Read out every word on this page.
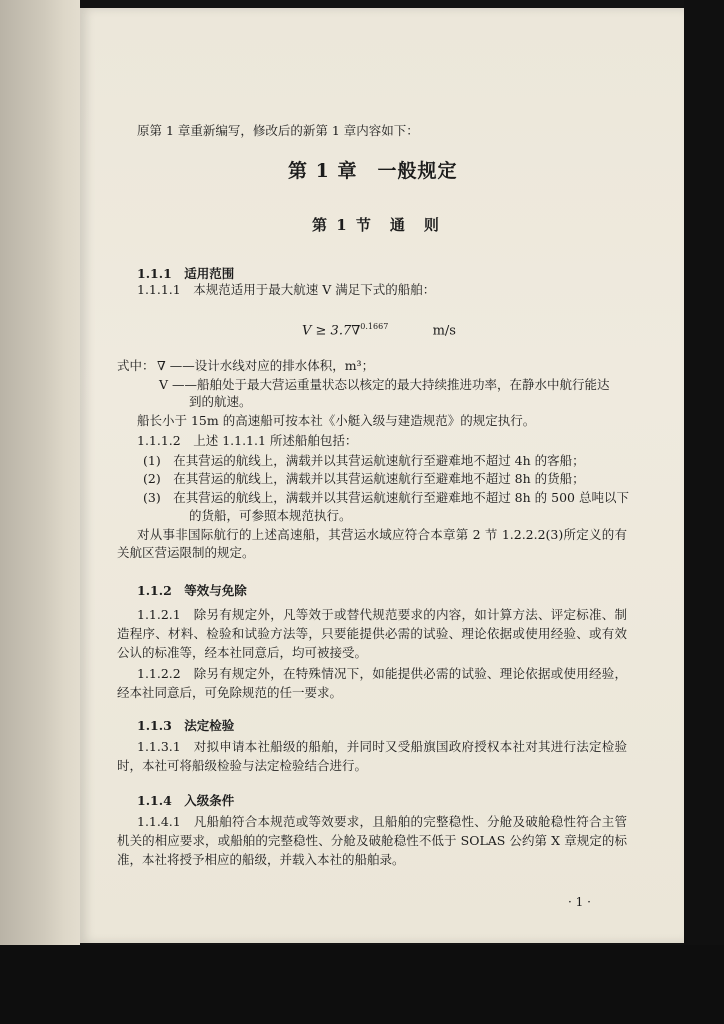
原第 1 章重新编写，修改后的新第 1 章内容如下：
第 1 章　一般规定
第 1 节　通　则
1.1.1　适用范围
1.1.1.1　本规范适用于最大航速 V 满足下式的船舶：
V ≥ 3.7∇$^{0.1667}$	m/s
式中： ∇ ——设计水线对应的排水体积，m³；
V ——船舶处于最大营运重量状态以核定的最大持续推进功率，在静水中航行能达
到的航速。
船长小于 15m 的高速船可按本社《小艇入级与建造规范》的规定执行。
1.1.1.2　上述 1.1.1.1 所述船舶包括：
(1)　在其营运的航线上，满载并以其营运航速航行至避难地不超过 4h 的客船；
(2)　在其营运的航线上，满载并以其营运航速航行至避难地不超过 8h 的货船；
(3)　在其营运的航线上，满载并以其营运航速航行至避难地不超过 8h 的 500 总吨以下
的货船，可参照本规范执行。
对从事非国际航行的上述高速船，其营运水域应符合本章第 2 节 1.2.2.2(3)所定义的有关航区营运限制的规定。
1.1.2　等效与免除
1.1.2.1　除另有规定外，凡等效于或替代规范要求的内容，如计算方法、评定标准、制造程序、材料、检验和试验方法等，只要能提供必需的试验、理论依据或使用经验、或有效公认的标准等，经本社同意后，均可被接受。
1.1.2.2　除另有规定外，在特殊情况下，如能提供必需的试验、理论依据或使用经验，经本社同意后，可免除规范的任一要求。
1.1.3　法定检验
1.1.3.1　对拟申请本社船级的船舶，并同时又受船旗国政府授权本社对其进行法定检验时，本社可将船级检验与法定检验结合进行。
1.1.4　入级条件
1.1.4.1　凡船舶符合本规范或等效要求，且船舶的完整稳性、分舱及破舱稳性符合主管机关的相应要求，或船舶的完整稳性、分舱及破舱稳性不低于 SOLAS 公约第 Ⅹ 章规定的标准，本社将授予相应的船级，并载入本社的船舶录。
· 1 ·
